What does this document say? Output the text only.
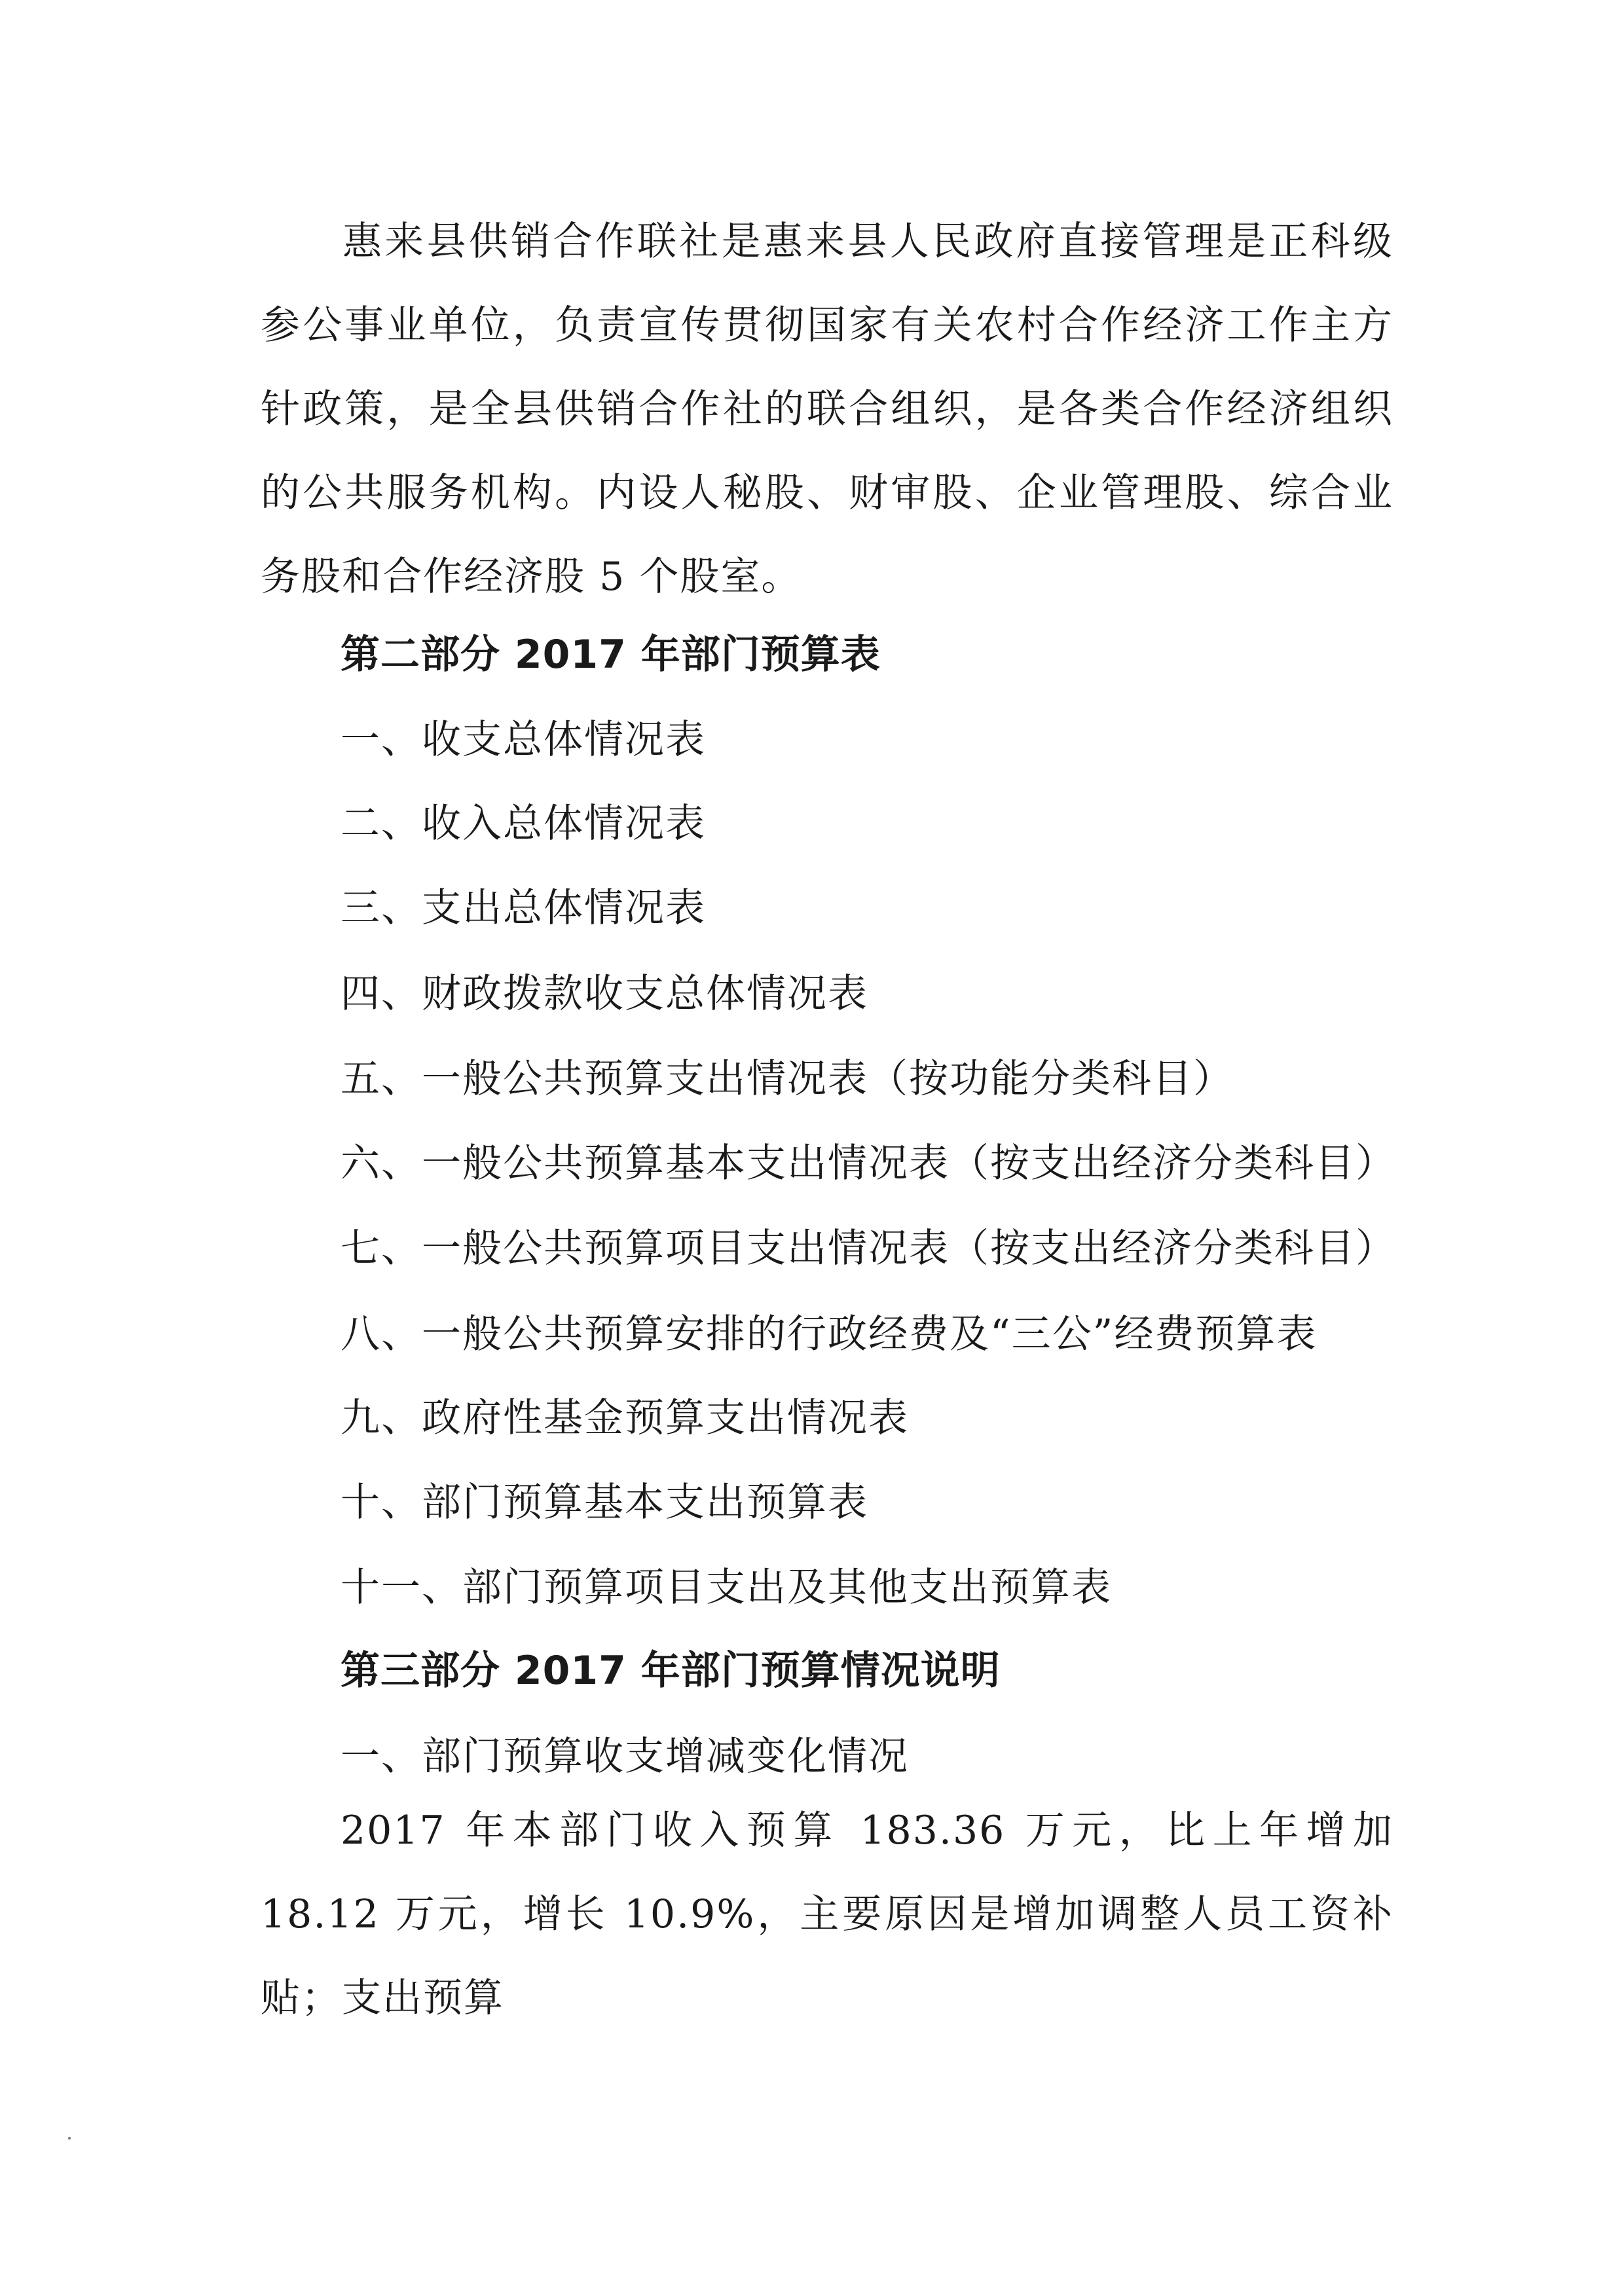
惠来县供销合作联社是惠来县人民政府直接管理是正科级参公事业单位，负责宣传贯彻国家有关农村合作经济工作主方针政策，是全县供销合作社的联合组织，是各类合作经济组织的公共服务机构。内设人秘股、财审股、企业管理股、综合业务股和合作经济股 5 个股室。

第二部分 2017 年部门预算表

一、收支总体情况表

二、收入总体情况表

三、支出总体情况表

四、财政拨款收支总体情况表

五、一般公共预算支出情况表（按功能分类科目）

六、一般公共预算基本支出情况表（按支出经济分类科目）

七、一般公共预算项目支出情况表（按支出经济分类科目）

八、一般公共预算安排的行政经费及“三公”经费预算表

九、政府性基金预算支出情况表

十、部门预算基本支出预算表

十一、部门预算项目支出及其他支出预算表

第三部分 2017 年部门预算情况说明

一、部门预算收支增减变化情况

2017 年本部门收入预算 183.36 万元，比上年增加 18.12 万元，增长 10.9%，主要原因是增加调整人员工资补贴；支出预算
